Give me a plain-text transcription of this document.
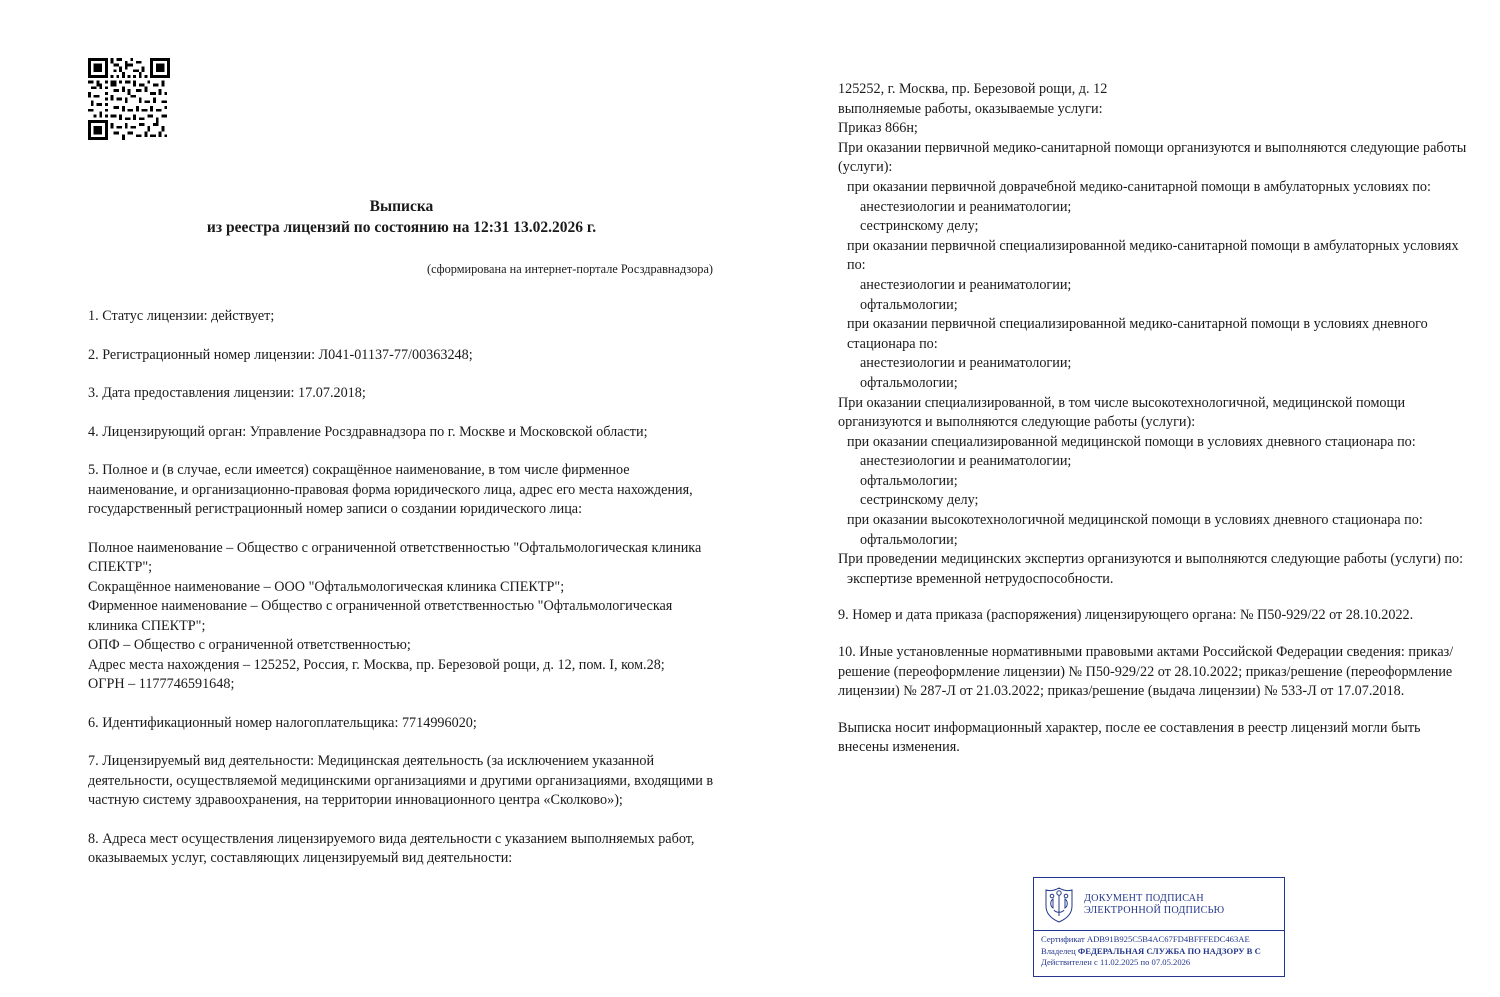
Выписка
из реестра лицензий по состоянию на 12:31 13.02.2026 г.
(сформирована на интернет-портале Росздравнадзора)

1. Статус лицензии: действует;

2. Регистрационный номер лицензии: Л041-01137-77/00363248;

3. Дата предоставления лицензии: 17.07.2018;

4. Лицензирующий орган: Управление Росздравнадзора по г. Москве и Московской области;

5. Полное и (в случае, если имеется) сокращённое наименование, в том числе фирменное наименование, и организационно-правовая форма юридического лица, адрес его места нахождения, государственный регистрационный номер записи о создании юридического лица:

Полное наименование – Общество с ограниченной ответственностью "Офтальмологическая клиника СПЕКТР";

Сокращённое наименование – ООО "Офтальмологическая клиника СПЕКТР";

Фирменное наименование – Общество с ограниченной ответственностью "Офтальмологическая клиника СПЕКТР";

ОПФ – Общество с ограниченной ответственностью;

Адрес места нахождения – 125252, Россия, г. Москва, пр. Березовой рощи, д. 12, пом. I, ком.28;

ОГРН – 1177746591648;

6. Идентификационный номер налогоплательщика: 7714996020;

7. Лицензируемый вид деятельности: Медицинская деятельность (за исключением указанной деятельности, осуществляемой медицинскими организациями и другими организациями, входящими в частную систему здравоохранения, на территории инновационного центра «Сколково»);

8. Адреса мест осуществления лицензируемого вида деятельности с указанием выполняемых работ, оказываемых услуг, составляющих лицензируемый вид деятельности:

125252, г. Москва, пр. Березовой рощи, д. 12

выполняемые работы, оказываемые услуги:

Приказ 866н;

При оказании первичной медико-санитарной помощи организуются и выполняются следующие работы (услуги):

при оказании первичной доврачебной медико-санитарной помощи в амбулаторных условиях по:

анестезиологии и реаниматологии;

сестринскому делу;

при оказании первичной специализированной медико-санитарной помощи в амбулаторных условиях по:

анестезиологии и реаниматологии;

офтальмологии;

при оказании первичной специализированной медико-санитарной помощи в условиях дневного стационара по:

анестезиологии и реаниматологии;

офтальмологии;

При оказании специализированной, в том числе высокотехнологичной, медицинской помощи организуются и выполняются следующие работы (услуги):

при оказании специализированной медицинской помощи в условиях дневного стационара по:

анестезиологии и реаниматологии;

офтальмологии;

сестринскому делу;

при оказании высокотехнологичной медицинской помощи в условиях дневного стационара по:

офтальмологии;

При проведении медицинских экспертиз организуются и выполняются следующие работы (услуги) по:

экспертизе временной нетрудоспособности.

9. Номер и дата приказа (распоряжения) лицензирующего органа: № П50-929/22 от 28.10.2022.

10. Иные установленные нормативными правовыми актами Российской Федерации сведения: приказ/решение (переоформление лицензии) № П50-929/22 от 28.10.2022; приказ/решение (переоформление лицензии) № 287-Л от 21.03.2022; приказ/решение (выдача лицензии) № 533-Л от 17.07.2018.

Выписка носит информационный характер, после ее составления в реестр лицензий могли быть внесены изменения.

ДОКУМЕНТ ПОДПИСАН
ЭЛЕКТРОННОЙ ПОДПИСЬЮ
Сертификат ADB91B925C5B4AC67FD4BFFFEDC463AE
Владелец ФЕДЕРАЛЬНАЯ СЛУЖБА ПО НАДЗОРУ В С
Действителен с 11.02.2025 по 07.05.2026
